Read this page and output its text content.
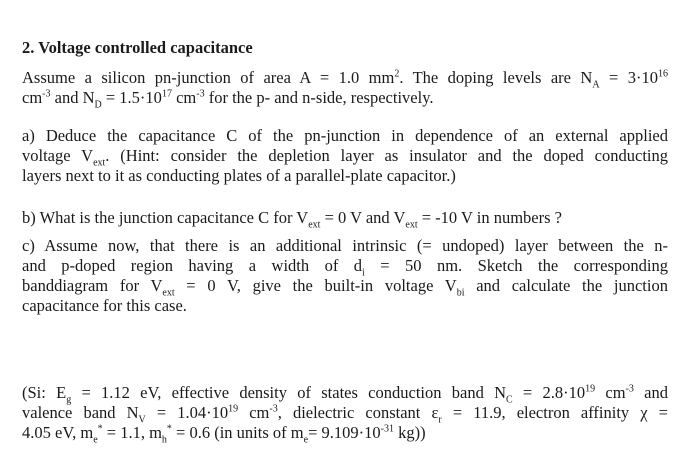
2. Voltage controlled capacitance
Assume a silicon pn-junction of area A = 1.0 $mm^2$. The doping levels are $N_A = 3\cdot 10^{16}$
$cm^{-3}$ and $N_D = 1.5\cdot 10^{17}$ $cm^{-3}$ for the p- and n-side, respectively.
a) Deduce the capacitance C of the pn-junction in dependence of an external applied
voltage $V_{ext}$. (Hint: consider the depletion layer as insulator and the doped conducting
layers next to it as conducting plates of a parallel-plate capacitor.)
b) What is the junction capacitance C for $V_{ext} = 0$ V and $V_{ext} = -10$ V in numbers ?
c) Assume now, that there is an additional intrinsic (= undoped) layer between the n-
and p-doped region having a width of $d_i = 50$ nm. Sketch the corresponding
banddiagram for $V_{ext} = 0$ V, give the built-in voltage $V_{bi}$ and calculate the junction
capacitance for this case.
(Si: $E_g = 1.12$ eV, effective density of states conduction band $N_C = 2.8\cdot 10^{19}$ $cm^{-3}$ and
valence band $N_V = 1.04\cdot 10^{19}$ $cm^{-3}$, dielectric constant $\varepsilon_r = 11.9$, electron affinity χ =
4.05 eV, $m_e^* = 1.1$, $m_h^* = 0.6$ (in units of $m_e= 9.109\cdot 10^{-31}$ kg))
